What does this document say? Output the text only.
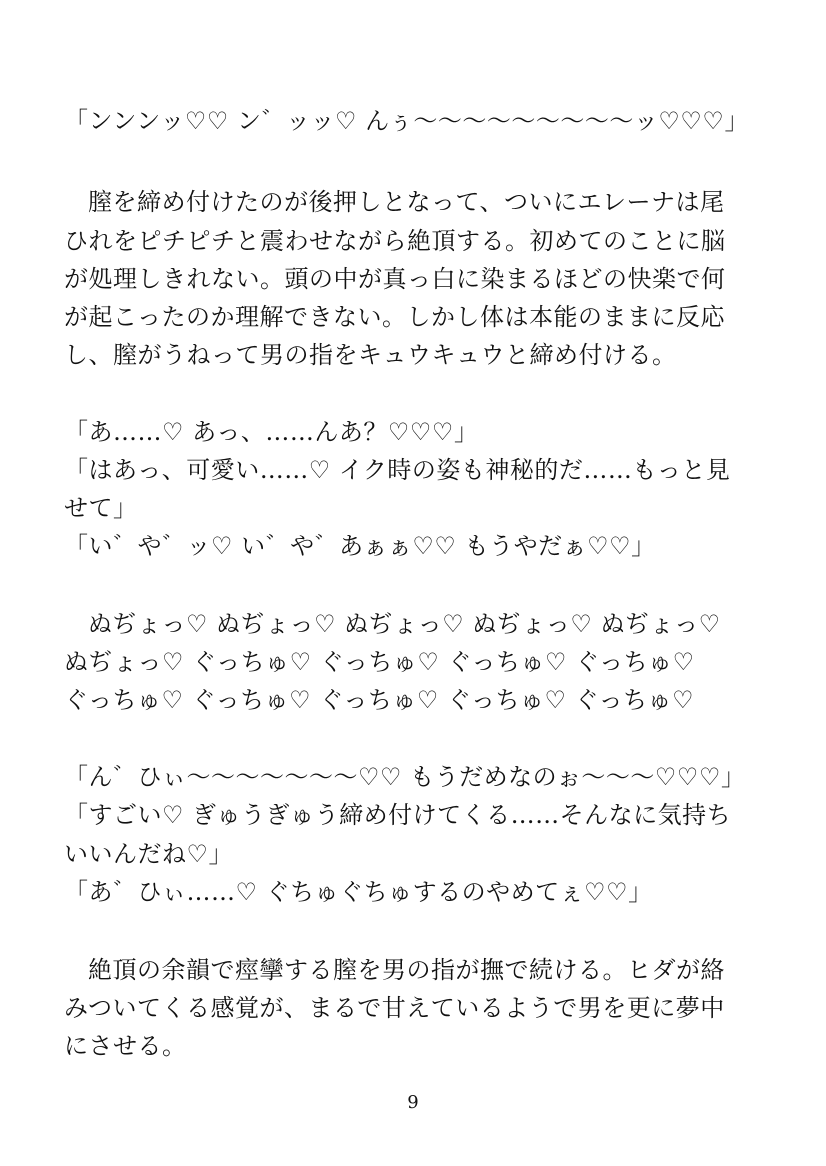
「ンンンッ♡♡ ン゛ッッ♡ んぅ〜〜〜〜〜〜〜〜〜ッ♡♡♡」
膣を締め付けたのが後押しとなって、ついにエレーナは尾
ひれをピチピチと震わせながら絶頂する。初めてのことに脳
が処理しきれない。頭の中が真っ白に染まるほどの快楽で何
が起こったのか理解できない。しかし体は本能のままに反応
し、膣がうねって男の指をキュウキュウと締め付ける。
「あ……♡ あっ、……んあ？♡♡♡」
「はあっ、可愛い……♡ イク時の姿も神秘的だ……もっと見
せて」
「い゛や゛ッ♡ い゛や゛あぁぁ♡♡ もうやだぁ♡♡」
ぬぢょっ♡ ぬぢょっ♡ ぬぢょっ♡ ぬぢょっ♡ ぬぢょっ♡
ぬぢょっ♡ ぐっちゅ♡ ぐっちゅ♡ ぐっちゅ♡ ぐっちゅ♡
ぐっちゅ♡ ぐっちゅ♡ ぐっちゅ♡ ぐっちゅ♡ ぐっちゅ♡
「ん゛ひぃ〜〜〜〜〜〜〜♡♡ もうだめなのぉ〜〜〜♡♡♡」
「すごい♡ ぎゅうぎゅう締め付けてくる……そんなに気持ち
いいんだね♡」
「あ゛ひぃ……♡ ぐちゅぐちゅするのやめてぇ♡♡」
絶頂の余韻で痙攣する膣を男の指が撫で続ける。ヒダが絡
みついてくる感覚が、まるで甘えているようで男を更に夢中
にさせる。
9
